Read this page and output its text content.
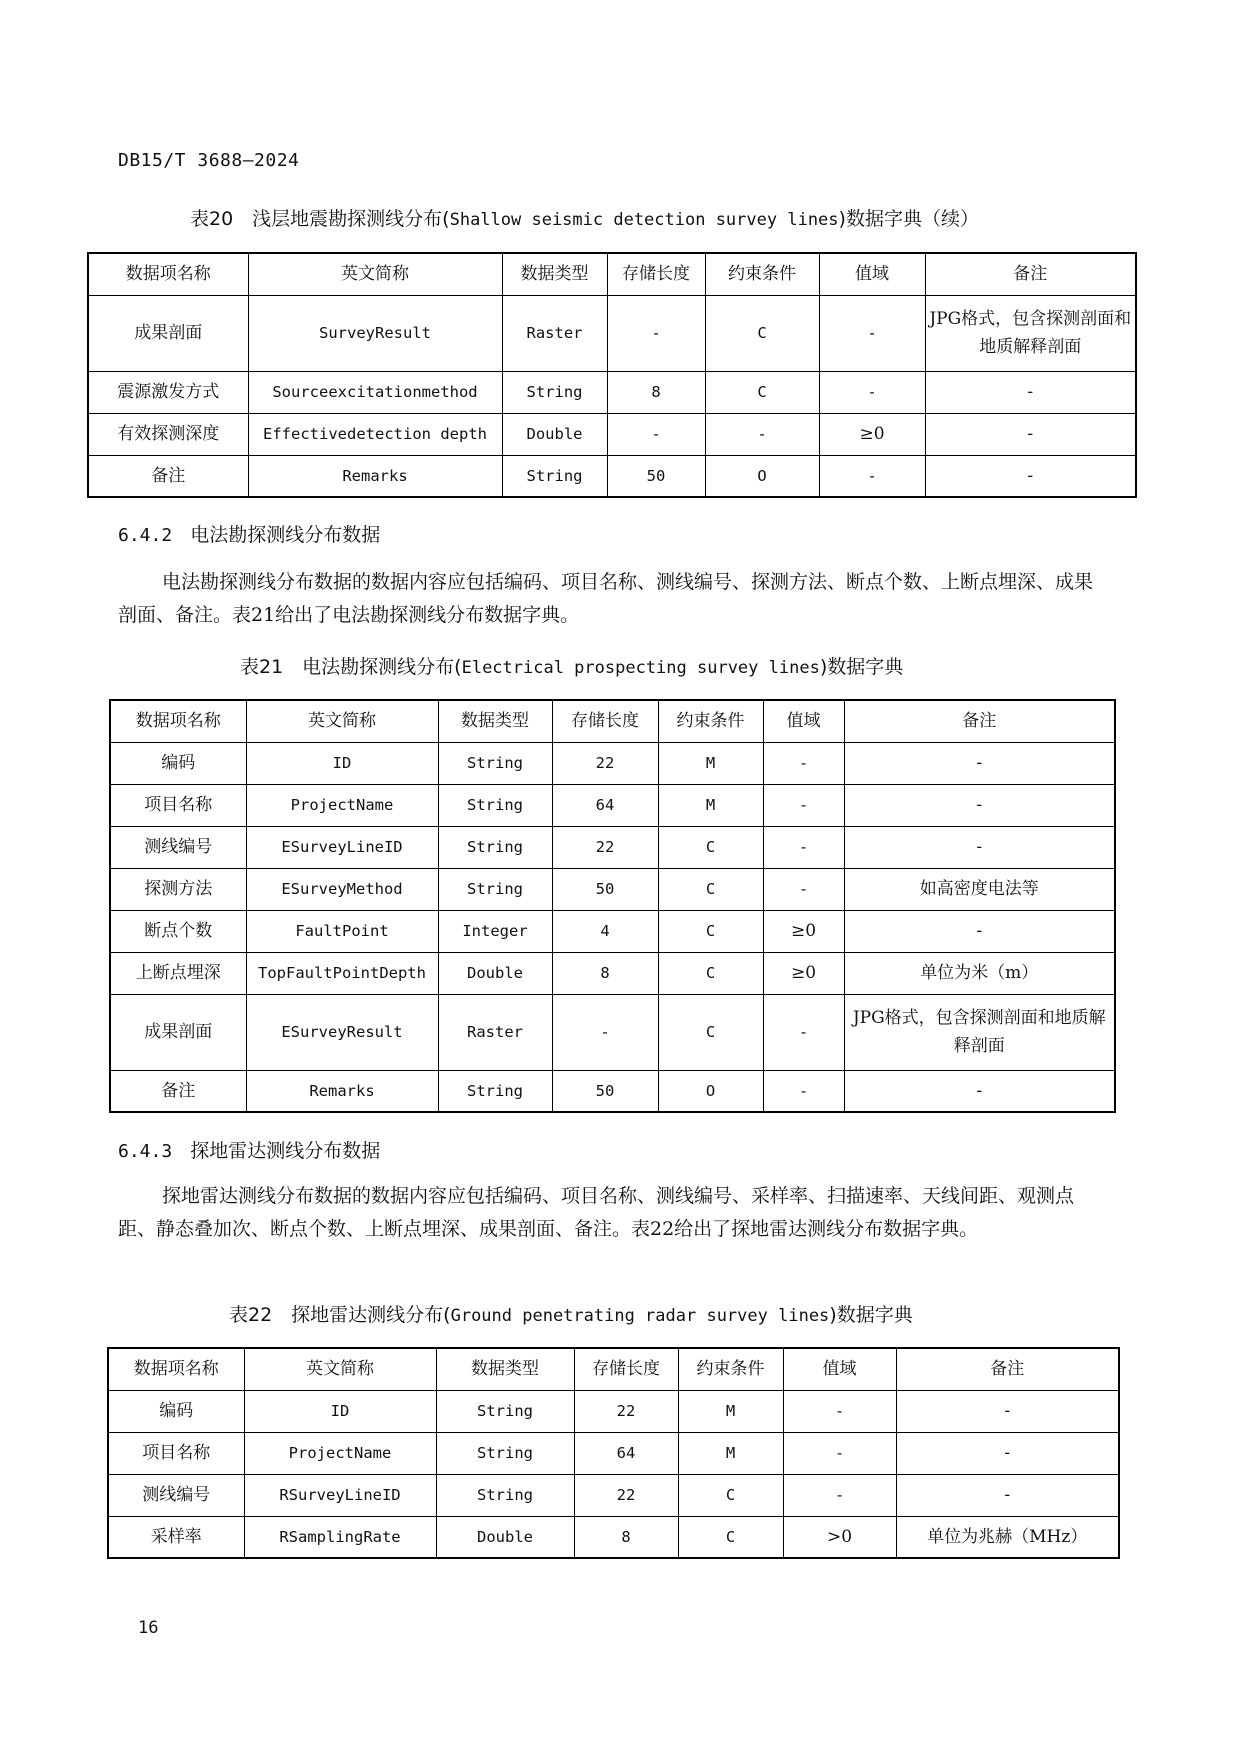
DB15/T 3688—2024
表20　浅层地震勘探测线分布(Shallow seismic detection survey lines)数据字典（续）
数据项名称	英文简称	数据类型	存储长度	约束条件	值域	备注
成果剖面	SurveyResult	Raster	-	C	-	JPG格式，包含探测剖面和地质解释剖面
震源激发方式	Sourceexcitationmethod	String	8	C	-	-
有效探测深度	Effectivedetection depth	Double	-	-	≥0	-
备注	Remarks	String	50	O	-	-
6.4.2 电法勘探测线分布数据
电法勘探测线分布数据的数据内容应包括编码、项目名称、测线编号、探测方法、断点个数、上断点埋深、成果剖面、备注。表21给出了电法勘探测线分布数据字典。
表21　电法勘探测线分布(Electrical prospecting survey lines)数据字典
数据项名称	英文简称	数据类型	存储长度	约束条件	值域	备注
编码	ID	String	22	M	-	-
项目名称	ProjectName	String	64	M	-	-
测线编号	ESurveyLineID	String	22	C	-	-
探测方法	ESurveyMethod	String	50	C	-	如高密度电法等
断点个数	FaultPoint	Integer	4	C	≥0	-
上断点埋深	TopFaultPointDepth	Double	8	C	≥0	单位为米（m）
成果剖面	ESurveyResult	Raster	-	C	-	JPG格式，包含探测剖面和地质解释剖面
备注	Remarks	String	50	O	-	-
6.4.3 探地雷达测线分布数据
探地雷达测线分布数据的数据内容应包括编码、项目名称、测线编号、采样率、扫描速率、天线间距、观测点距、静态叠加次、断点个数、上断点埋深、成果剖面、备注。表22给出了探地雷达测线分布数据字典。
表22　探地雷达测线分布(Ground penetrating radar survey lines)数据字典
数据项名称	英文简称	数据类型	存储长度	约束条件	值域	备注
编码	ID	String	22	M	-	-
项目名称	ProjectName	String	64	M	-	-
测线编号	RSurveyLineID	String	22	C	-	-
采样率	RSamplingRate	Double	8	C	>0	单位为兆赫（MHz）
16
